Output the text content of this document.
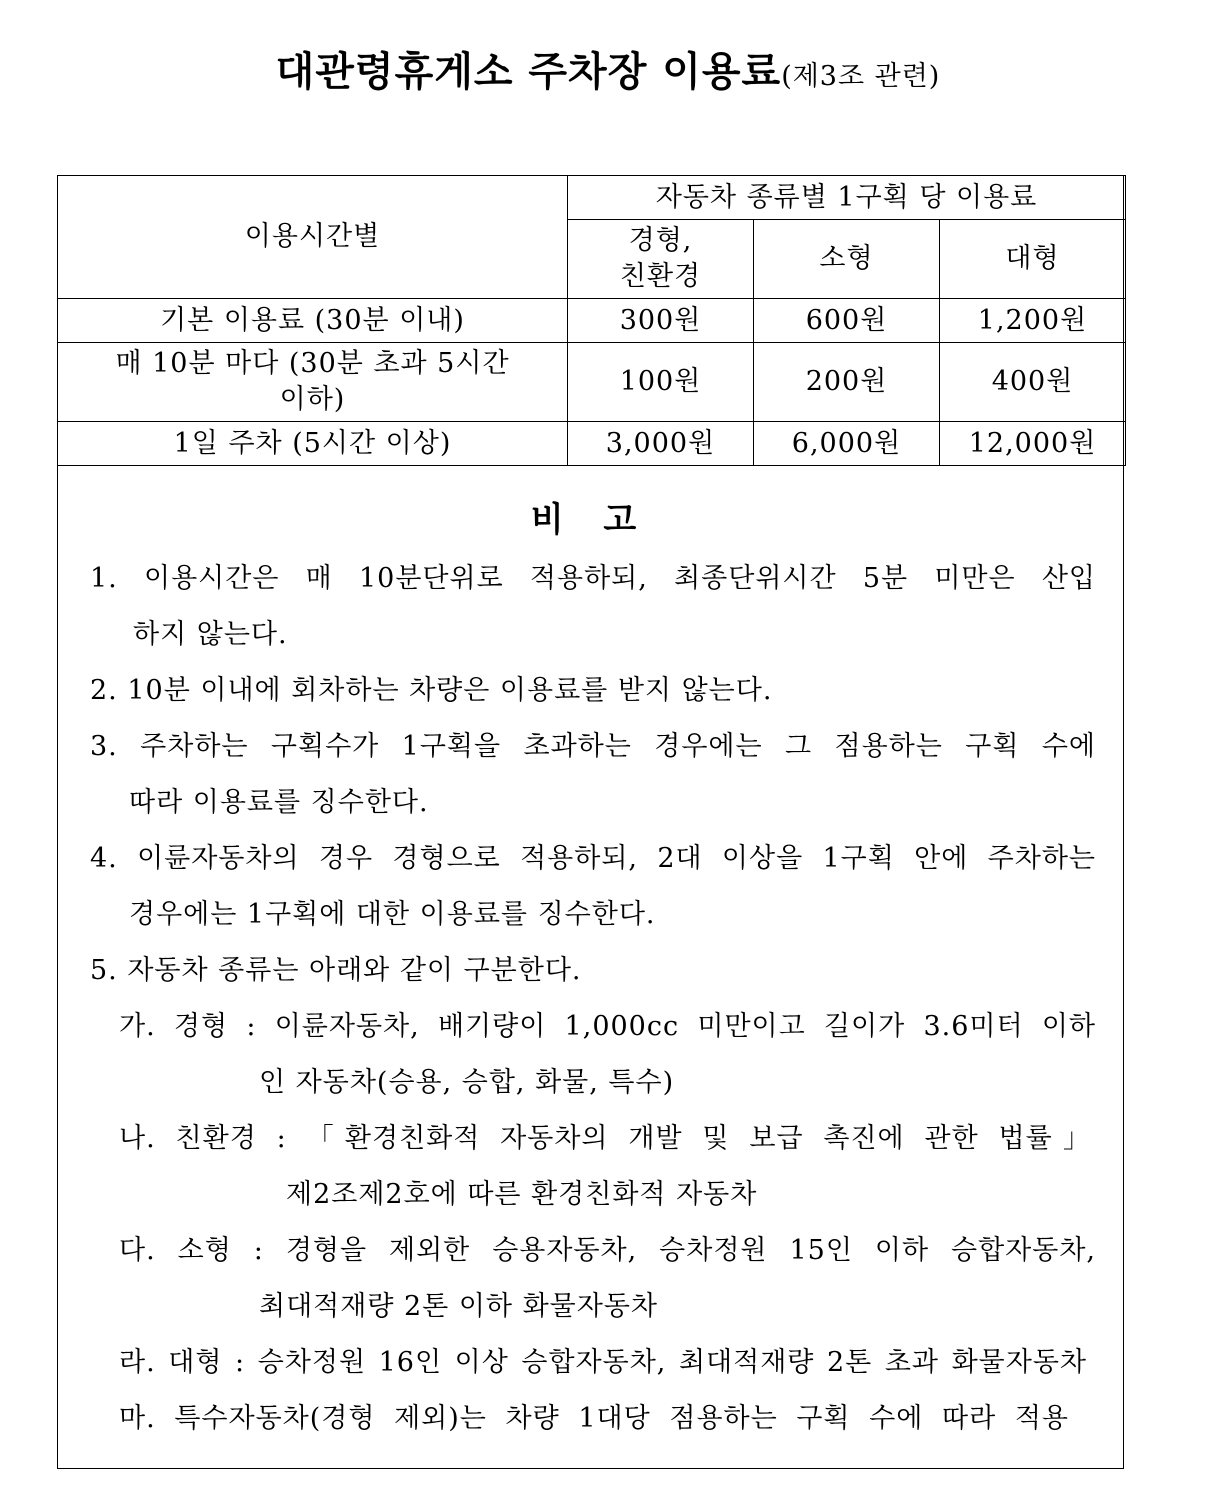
대관령휴게소 주차장 이용료(제3조 관련)
이용시간별	자동차 종류별 1구획 당 이용료		

	경형,
친환경	소형	대형
기본 이용료 (30분 이내)	300원	600원	1,200원

매 10분 마다 (30분 초과 5시간
이하)	100원	200원	400원
1일 주차 (5시간 이상)	3,000원	6,000원	12,000원
비 고
1. 이용시간은 매 10분단위로 적용하되, 최종단위시간 5분 미만은 산입
하지 않는다.
2. 10분 이내에 회차하는 차량은 이용료를 받지 않는다.
3. 주차하는 구획수가 1구획을 초과하는 경우에는 그 점용하는 구획 수에
따라 이용료를 징수한다.
4. 이륜자동차의 경우 경형으로 적용하되, 2대 이상을 1구획 안에 주차하는
경우에는 1구획에 대한 이용료를 징수한다.
5. 자동차 종류는 아래와 같이 구분한다.
가. 경형 : 이륜자동차, 배기량이 1,000cc 미만이고 길이가 3.6미터 이하
인 자동차(승용, 승합, 화물, 특수)
나. 친환경 : 「환경친화적 자동차의 개발 및 보급 촉진에 관한 법률」
제2조제2호에 따른 환경친화적 자동차
다. 소형 : 경형을 제외한 승용자동차, 승차정원 15인 이하 승합자동차,
최대적재량 2톤 이하 화물자동차
라. 대형 : 승차정원 16인 이상 승합자동차, 최대적재량 2톤 초과 화물자동차
마. 특수자동차(경형 제외)는 차량 1대당 점용하는 구획 수에 따라 적용
